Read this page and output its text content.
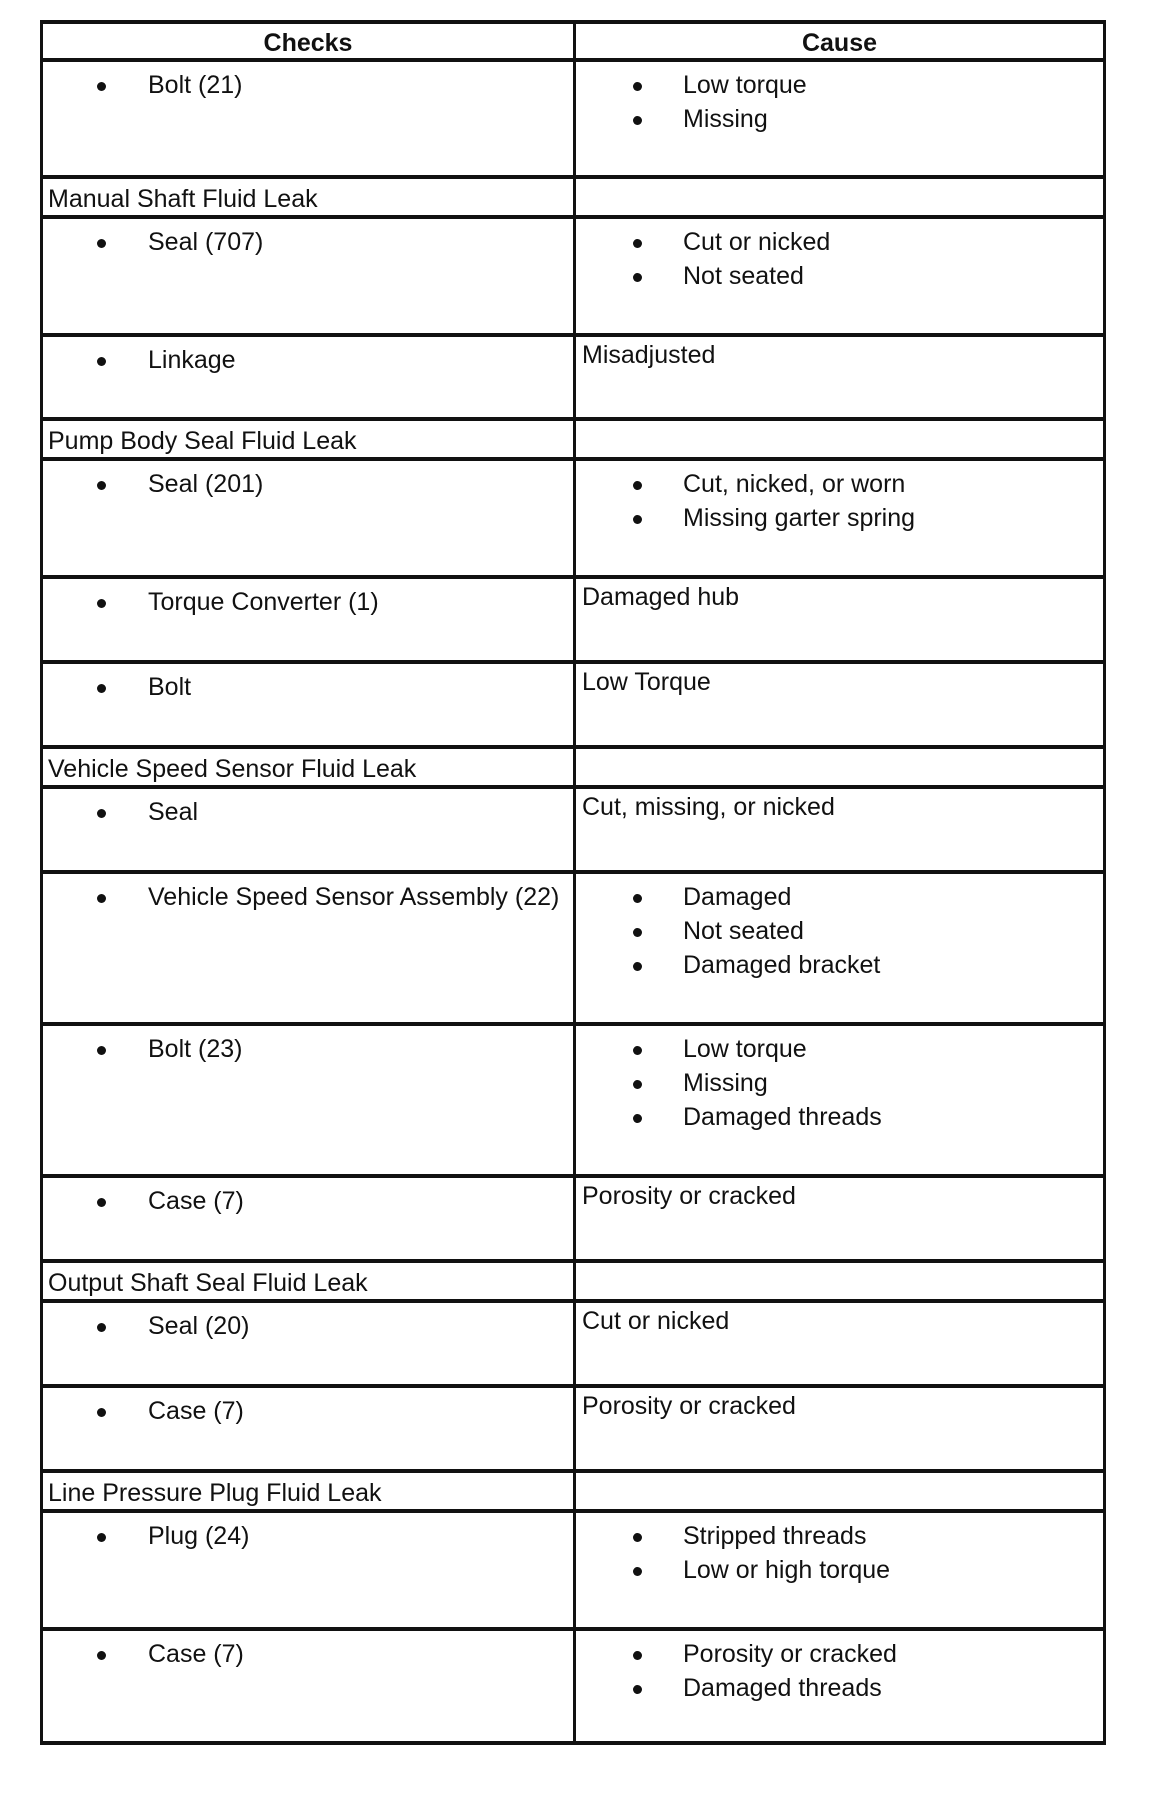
Checks	Cause
Bolt (21)	Low torque
Missing
Manual Shaft Fluid Leak
Seal (707)	Cut or nicked
Not seated
Linkage	Misadjusted
Pump Body Seal Fluid Leak
Seal (201)	Cut, nicked, or worn
Missing garter spring
Torque Converter (1)	Damaged hub
Bolt	Low Torque
Vehicle Speed Sensor Fluid Leak
Seal	Cut, missing, or nicked
Vehicle Speed Sensor Assembly (22)	Damaged
Not seated
Damaged bracket
Bolt (23)	Low torque
Missing
Damaged threads
Case (7)	Porosity or cracked
Output Shaft Seal Fluid Leak
Seal (20)	Cut or nicked
Case (7)	Porosity or cracked
Line Pressure Plug Fluid Leak
Plug (24)	Stripped threads
Low or high torque
Case (7)	Porosity or cracked
Damaged threads
